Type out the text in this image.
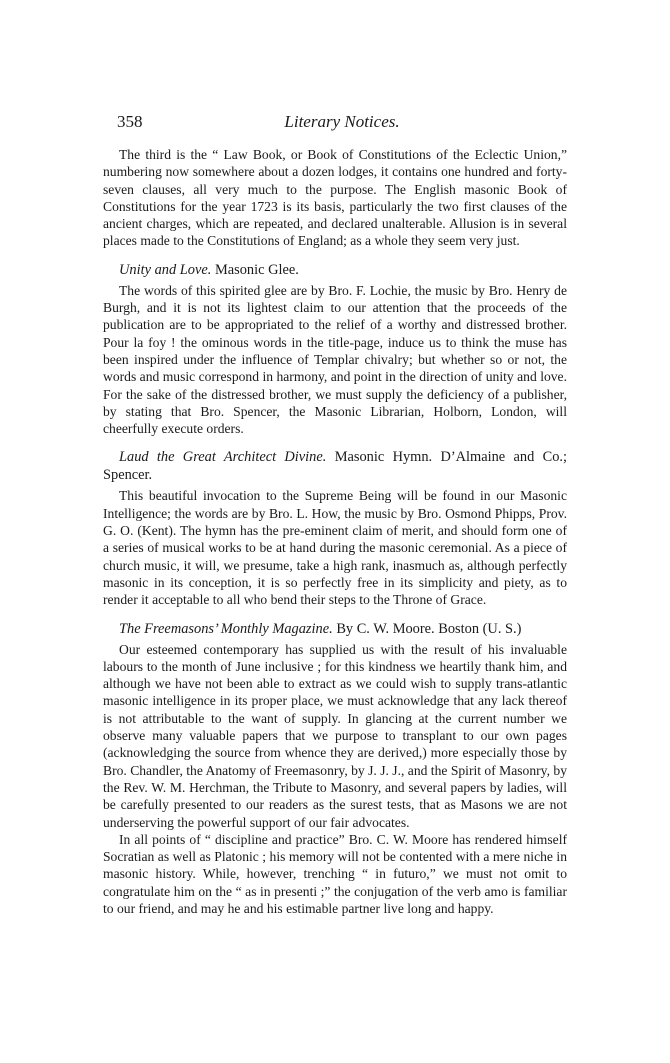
358	Literary Notices.

The third is the “ Law Book, or Book of Constitutions of the Eclectic Union,” numbering now somewhere about a dozen lodges, it contains one hundred and forty-seven clauses, all very much to the purpose. The English masonic Book of Constitutions for the year 1723 is its basis, particularly the two first clauses of the ancient charges, which are repeated, and declared unalterable. Allusion is in several places made to the Constitutions of England; as a whole they seem very just.

Unity and Love. Masonic Glee.

The words of this spirited glee are by Bro. F. Lochie, the music by Bro. Henry de Burgh, and it is not its lightest claim to our attention that the proceeds of the publication are to be appropriated to the relief of a worthy and distressed brother. Pour la foy ! the ominous words in the title-page, induce us to think the muse has been inspired under the influence of Templar chivalry; but whether so or not, the words and music correspond in harmony, and point in the direction of unity and love. For the sake of the distressed brother, we must supply the deficiency of a publisher, by stating that Bro. Spencer, the Masonic Librarian, Holborn, London, will cheerfully execute orders.

Laud the Great Architect Divine. Masonic Hymn. D’Almaine and Co.; Spencer.

This beautiful invocation to the Supreme Being will be found in our Masonic Intelligence; the words are by Bro. L. How, the music by Bro. Osmond Phipps, Prov. G. O. (Kent). The hymn has the pre-eminent claim of merit, and should form one of a series of musical works to be at hand during the masonic ceremonial. As a piece of church music, it will, we presume, take a high rank, inasmuch as, although perfectly masonic in its conception, it is so perfectly free in its simplicity and piety, as to render it acceptable to all who bend their steps to the Throne of Grace.

The Freemasons’ Monthly Magazine. By C. W. Moore. Boston (U. S.)

Our esteemed contemporary has supplied us with the result of his invaluable labours to the month of June inclusive ; for this kindness we heartily thank him, and although we have not been able to extract as we could wish to supply trans-atlantic masonic intelligence in its proper place, we must acknowledge that any lack thereof is not attributable to the want of supply. In glancing at the current number we observe many valuable papers that we purpose to transplant to our own pages (acknowledging the source from whence they are derived,) more especially those by Bro. Chandler, the Anatomy of Freemasonry, by J. J. J., and the Spirit of Masonry, by the Rev. W. M. Herchman, the Tribute to Masonry, and several papers by ladies, will be carefully presented to our readers as the surest tests, that as Masons we are not underserving the powerful support of our fair advocates.

In all points of “ discipline and practice” Bro. C. W. Moore has rendered himself Socratian as well as Platonic ; his memory will not be contented with a mere niche in masonic history. While, however, trenching “ in futuro,” we must not omit to congratulate him on the “ as in presenti ;” the conjugation of the verb amo is familiar to our friend, and may he and his estimable partner live long and happy.
